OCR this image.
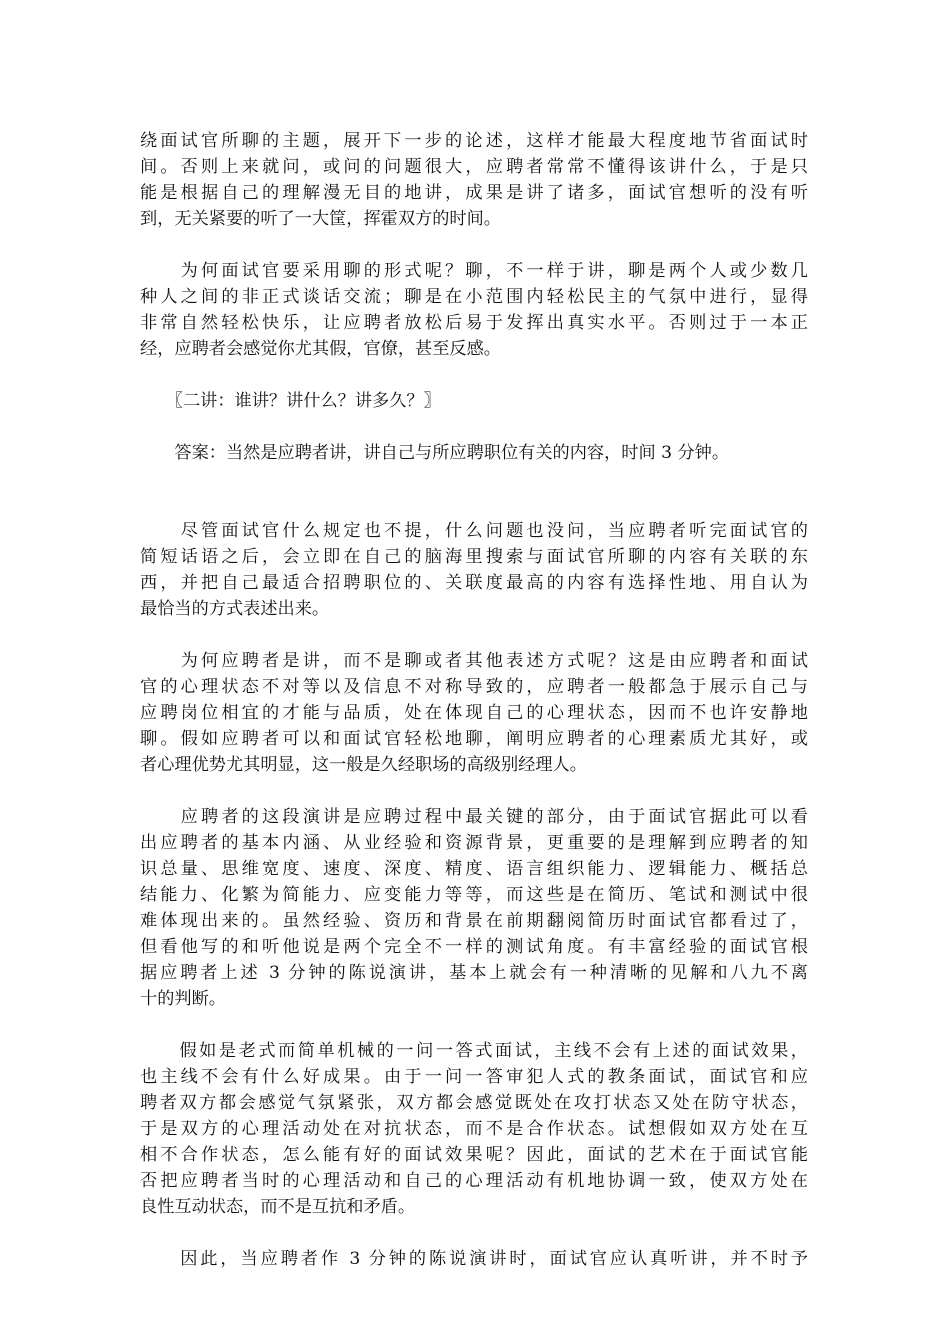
绕面试官所聊的主题，展开下一步的论述，这样才能最大程度地节省面试时
间。否则上来就问，或问的问题很大，应聘者常常不懂得该讲什么，于是只
能是根据自己的理解漫无目的地讲，成果是讲了诸多，面试官想听的没有听
到，无关紧要的听了一大筐，挥霍双方的时间。
　　为何面试官要采用聊的形式呢？聊，不一样于讲，聊是两个人或少数几
种人之间的非正式谈话交流；聊是在小范围内轻松民主的气氛中进行，显得
非常自然轻松快乐，让应聘者放松后易于发挥出真实水平。否则过于一本正
经，应聘者会感觉你尤其假，官僚，甚至反感。
　　〖二讲：谁讲？讲什么？讲多久？〗
　　答案：当然是应聘者讲，讲自己与所应聘职位有关的内容，时间 3 分钟。
　　尽管面试官什么规定也不提，什么问题也没问，当应聘者听完面试官的
简短话语之后，会立即在自己的脑海里搜索与面试官所聊的内容有关联的东
西，并把自己最适合招聘职位的、关联度最高的内容有选择性地、用自认为
最恰当的方式表述出来。
　　为何应聘者是讲，而不是聊或者其他表述方式呢？这是由应聘者和面试
官的心理状态不对等以及信息不对称导致的，应聘者一般都急于展示自己与
应聘岗位相宜的才能与品质，处在体现自己的心理状态，因而不也许安静地
聊。假如应聘者可以和面试官轻松地聊，阐明应聘者的心理素质尤其好，或
者心理优势尤其明显，这一般是久经职场的高级别经理人。
　　应聘者的这段演讲是应聘过程中最关键的部分，由于面试官据此可以看
出应聘者的基本内涵、从业经验和资源背景，更重要的是理解到应聘者的知
识总量、思维宽度、速度、深度、精度、语言组织能力、逻辑能力、概括总
结能力、化繁为简能力、应变能力等等，而这些是在简历、笔试和测试中很
难体现出来的。虽然经验、资历和背景在前期翻阅简历时面试官都看过了，
但看他写的和听他说是两个完全不一样的测试角度。有丰富经验的面试官根
据应聘者上述 3 分钟的陈说演讲，基本上就会有一种清晰的见解和八九不离
十的判断。
　　假如是老式而简单机械的一问一答式面试，主线不会有上述的面试效果，
也主线不会有什么好成果。由于一问一答审犯人式的教条面试，面试官和应
聘者双方都会感觉气氛紧张，双方都会感觉既处在攻打状态又处在防守状态，
于是双方的心理活动处在对抗状态，而不是合作状态。试想假如双方处在互
相不合作状态，怎么能有好的面试效果呢？因此，面试的艺术在于面试官能
否把应聘者当时的心理活动和自己的心理活动有机地协调一致，使双方处在
良性互动状态，而不是互抗和矛盾。
　　因此，当应聘者作 3 分钟的陈说演讲时，面试官应认真听讲，并不时予
